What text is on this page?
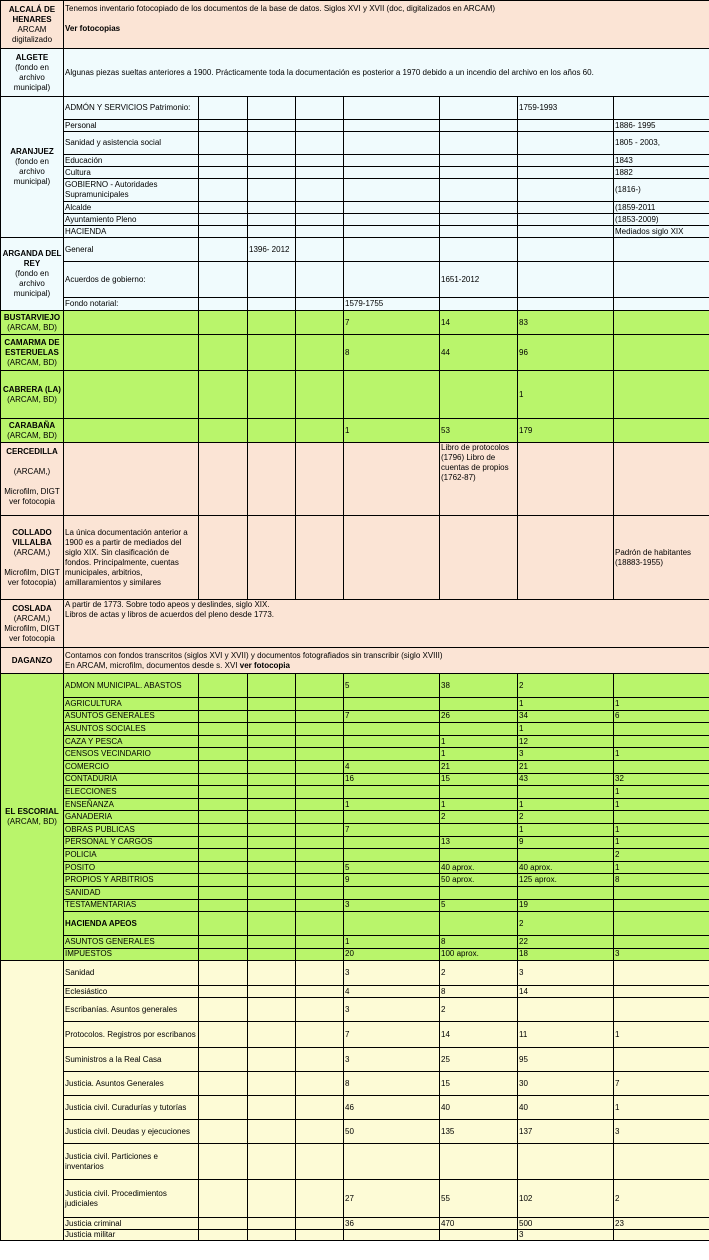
ALCALÁ DE HENARES
ARCAM digitalizado	Tenemos inventario fotocopiado de los documentos de la base de datos. Siglos XVI y XVII (doc, digitalizados en ARCAM)

Ver fotocopias							
ALGETE
(fondo en archivo municipal)	Algunas piezas sueltas anteriores a 1900. Prácticamente toda la documentación es posterior a 1970 debido a un incendio del archivo en los años 60.							
ARANJUEZ
(fondo en archivo municipal)	ADMÓN Y SERVICIOS Patrimonio:						1759-1993	
	Personal							1886- 1995
	Sanidad y asistencia social							1805 - 2003,
	Educación							1843
	Cultura							1882
	GOBIERNO - Autoridades Supramunicipales							(1816-)
	Alcalde							(1859-2011
	Ayuntamiento Pleno							(1853-2009)
	HACIENDA							Mediados siglo XIX
ARGANDA DEL REY
(fondo en archivo municipal)	General		1396- 2012					
	Acuerdos de gobierno:					1651-2012		
	Fondo notarial:				1579-1755			
BUSTARVIEJO
(ARCAM, BD)					7	14	83	
CAMARMA DE ESTERUELAS
(ARCAM, BD)					8	44	96	
CABRERA (LA)
(ARCAM, BD)							1	
CARABAÑA
(ARCAM, BD)					1	53	179	
CERCEDILLA

(ARCAM,)

Microfilm, DIGT ver fotocopia						Libro de protocolos (1796) Libro de cuentas de propios (1762-87)		
COLLADO VILLALBA
(ARCAM,)

Microfilm, DIGT ver fotocopia)	La única documentación anterior a 1900 es a partir de mediados del siglo XIX. Sin clasificación de fondos. Principalmente, cuentas municipales, arbitrios, amillaramientos y similares							Padrón de habitantes (18883-1955)
COSLADA
(ARCAM,)
Microfilm, DIGT ver fotocopia	A partir de 1773. Sobre todo apeos y deslindes, siglo XIX.
Libros de actas y libros de acuerdos del pleno desde 1773.							
DAGANZO	Contamos con fondos transcritos (siglos XVI y XVII) y documentos fotografiados sin transcribir (siglo XVIII)
En ARCAM, microfilm, documentos desde s. XVI ver fotocopia							
EL ESCORIAL
(ARCAM, BD)	ADMON MUNICIPAL. ABASTOS				5	38	2	
	AGRICULTURA						1	1
	ASUNTOS GENERALES				7	26	34	6
	ASUNTOS SOCIALES						1	
	CAZA Y PESCA					1	12	
	CENSOS VECINDARIO					1	3	1
	COMERCIO				4	21	21	
	CONTADURIA				16	15	43	32
	ELECCIONES							1
	ENSEÑANZA				1	1	1	1
	GANADERIA					2	2	
	OBRAS PUBLICAS				7		1	1
	PERSONAL Y CARGOS					13	9	1
	POLICIA							2
	POSITO				5	40 aprox.	40 aprox.	1
	PROPIOS Y ARBITRIOS				9	50 aprox.	125 aprox.	8
	SANIDAD							
	TESTAMENTARIAS				3	5	19	
	HACIENDA APEOS						2	
	ASUNTOS GENERALES				1	8	22	
	IMPUESTOS				20	100 aprox.	18	3
	Sanidad				3	2	3	
	Eclesiástico				4	8	14	
	Escribanías. Asuntos generales				3	2		
	Protocolos. Registros por escribanos				7	14	11	1
	Suministros a la Real Casa				3	25	95	
	Justicia. Asuntos Generales				8	15	30	7
	Justicia civil. Curadurías y tutorías				46	40	40	1
	Justicia civil. Deudas y ejecuciones				50	135	137	3
	Justicia civil. Particiones e inventarios							
	Justicia civil. Procedimientos judiciales				27	55	102	2
	Justicia criminal				36	470	500	23
	Justicia militar						3	
